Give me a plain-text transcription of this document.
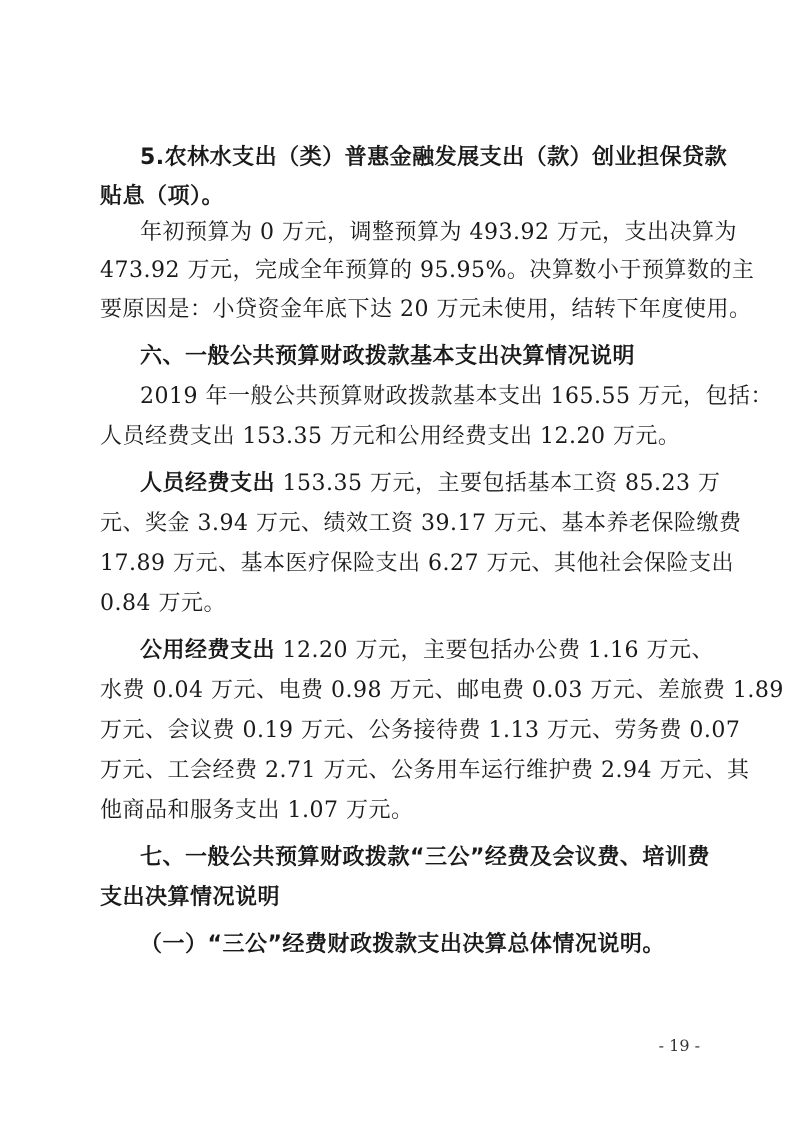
5.农林水支出（类）普惠金融发展支出（款）创业担保贷款
贴息（项）。
年初预算为 0 万元，调整预算为 493.92 万元，支出决算为
473.92 万元，完成全年预算的 95.95%。决算数小于预算数的主
要原因是：小贷资金年底下达 20 万元未使用，结转下年度使用。
六、一般公共预算财政拨款基本支出决算情况说明
2019 年一般公共预算财政拨款基本支出 165.55 万元，包括：
人员经费支出 153.35 万元和公用经费支出 12.20 万元。
人员经费支出 153.35 万元，主要包括基本工资 85.23 万
元、奖金 3.94 万元、绩效工资 39.17 万元、基本养老保险缴费
17.89 万元、基本医疗保险支出 6.27 万元、其他社会保险支出
0.84 万元。
公用经费支出 12.20 万元，主要包括办公费 1.16 万元、
水费 0.04 万元、电费 0.98 万元、邮电费 0.03 万元、差旅费 1.89
万元、会议费 0.19 万元、公务接待费 1.13 万元、劳务费 0.07
万元、工会经费 2.71 万元、公务用车运行维护费 2.94 万元、其
他商品和服务支出 1.07 万元。
七、一般公共预算财政拨款“三公”经费及会议费、培训费
支出决算情况说明
（一）“三公”经费财政拨款支出决算总体情况说明。
- 19 -
